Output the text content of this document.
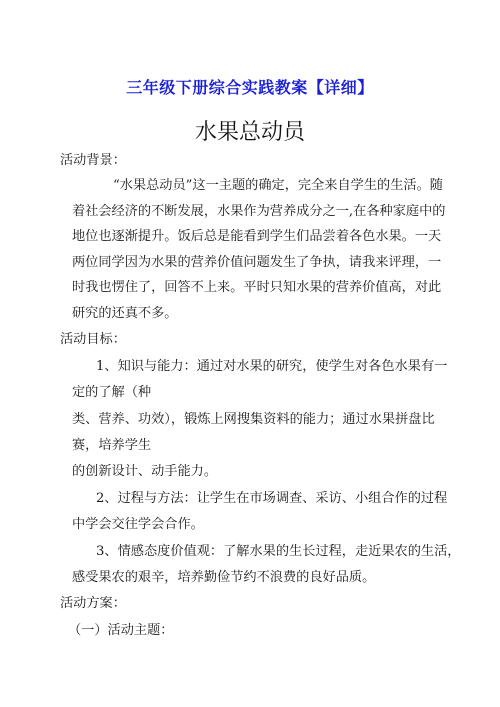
三年级下册综合实践教案【详细】
水果总动员
活动背景：
“水果总动员”这一主题的确定，完全来自学生的生活。随
着社会经济的不断发展，水果作为营养成分之一,在各种家庭中的
地位也逐渐提升。饭后总是能看到学生们品尝着各色水果。一天
两位同学因为水果的营养价值问题发生了争执，请我来评理，一
时我也愣住了，回答不上来。平时只知水果的营养价值高，对此
研究的还真不多。
活动目标：
1、知识与能力：通过对水果的研究，使学生对各色水果有一
定的了解（种
类、营养、功效），锻炼上网搜集资料的能力；通过水果拼盘比
赛，培养学生
的创新设计、动手能力。
2、过程与方法：让学生在市场调查、采访、小组合作的过程
中学会交往学会合作。
3、情感态度价值观：了解水果的生长过程，走近果农的生活，
感受果农的艰辛，培养勤俭节约不浪费的良好品质。
活动方案：
（一）活动主题：
